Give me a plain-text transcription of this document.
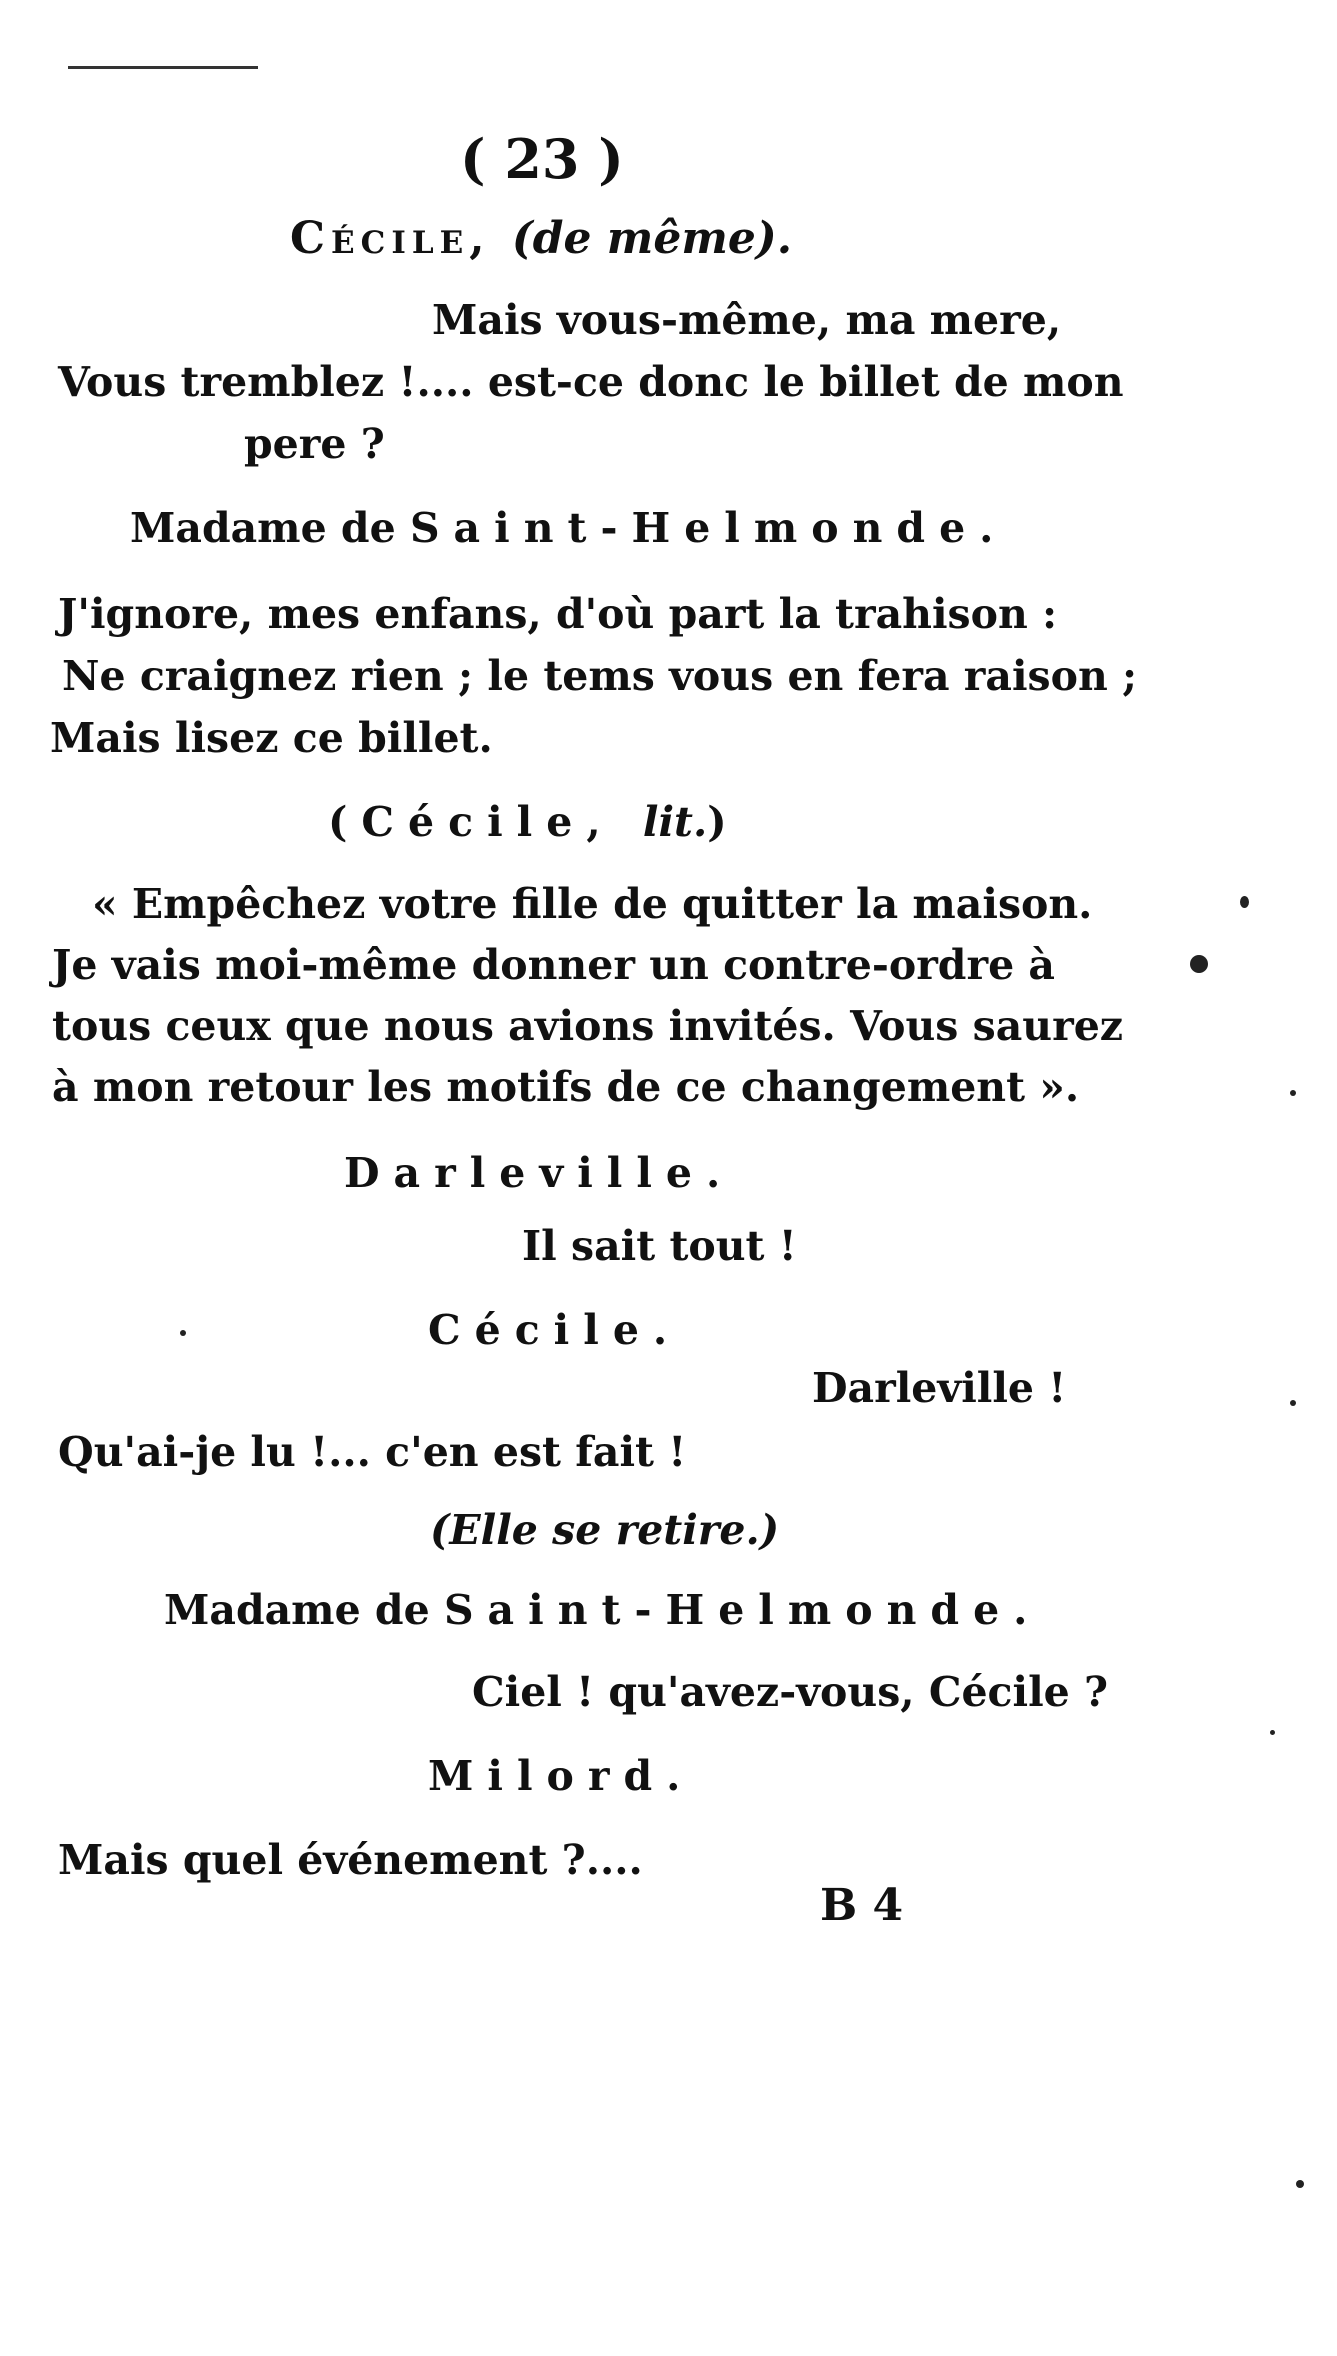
( 23 )
Cécile, (de même).
Mais vous-même, ma mere,
Vous tremblez !.... est-ce donc le billet de mon
pere ?
Madame de Saint-Helmonde.
J'ignore, mes enfans, d'où part la trahison :
Ne craignez rien ; le tems vous en fera raison ;
Mais lisez ce billet.
(Cécile, lit.)
« Empêchez votre fille de quitter la maison.
Je vais moi-même donner un contre-ordre à
tous ceux que nous avions invités. Vous saurez
à mon retour les motifs de ce changement ».
Darleville.
Il sait tout !
Cécile.
Darleville !
Qu'ai-je lu !... c'en est fait !
(Elle se retire.)
Madame de Saint-Helmonde.
Ciel ! qu'avez-vous, Cécile ?
Milord.
Mais quel événement ?....
B 4
